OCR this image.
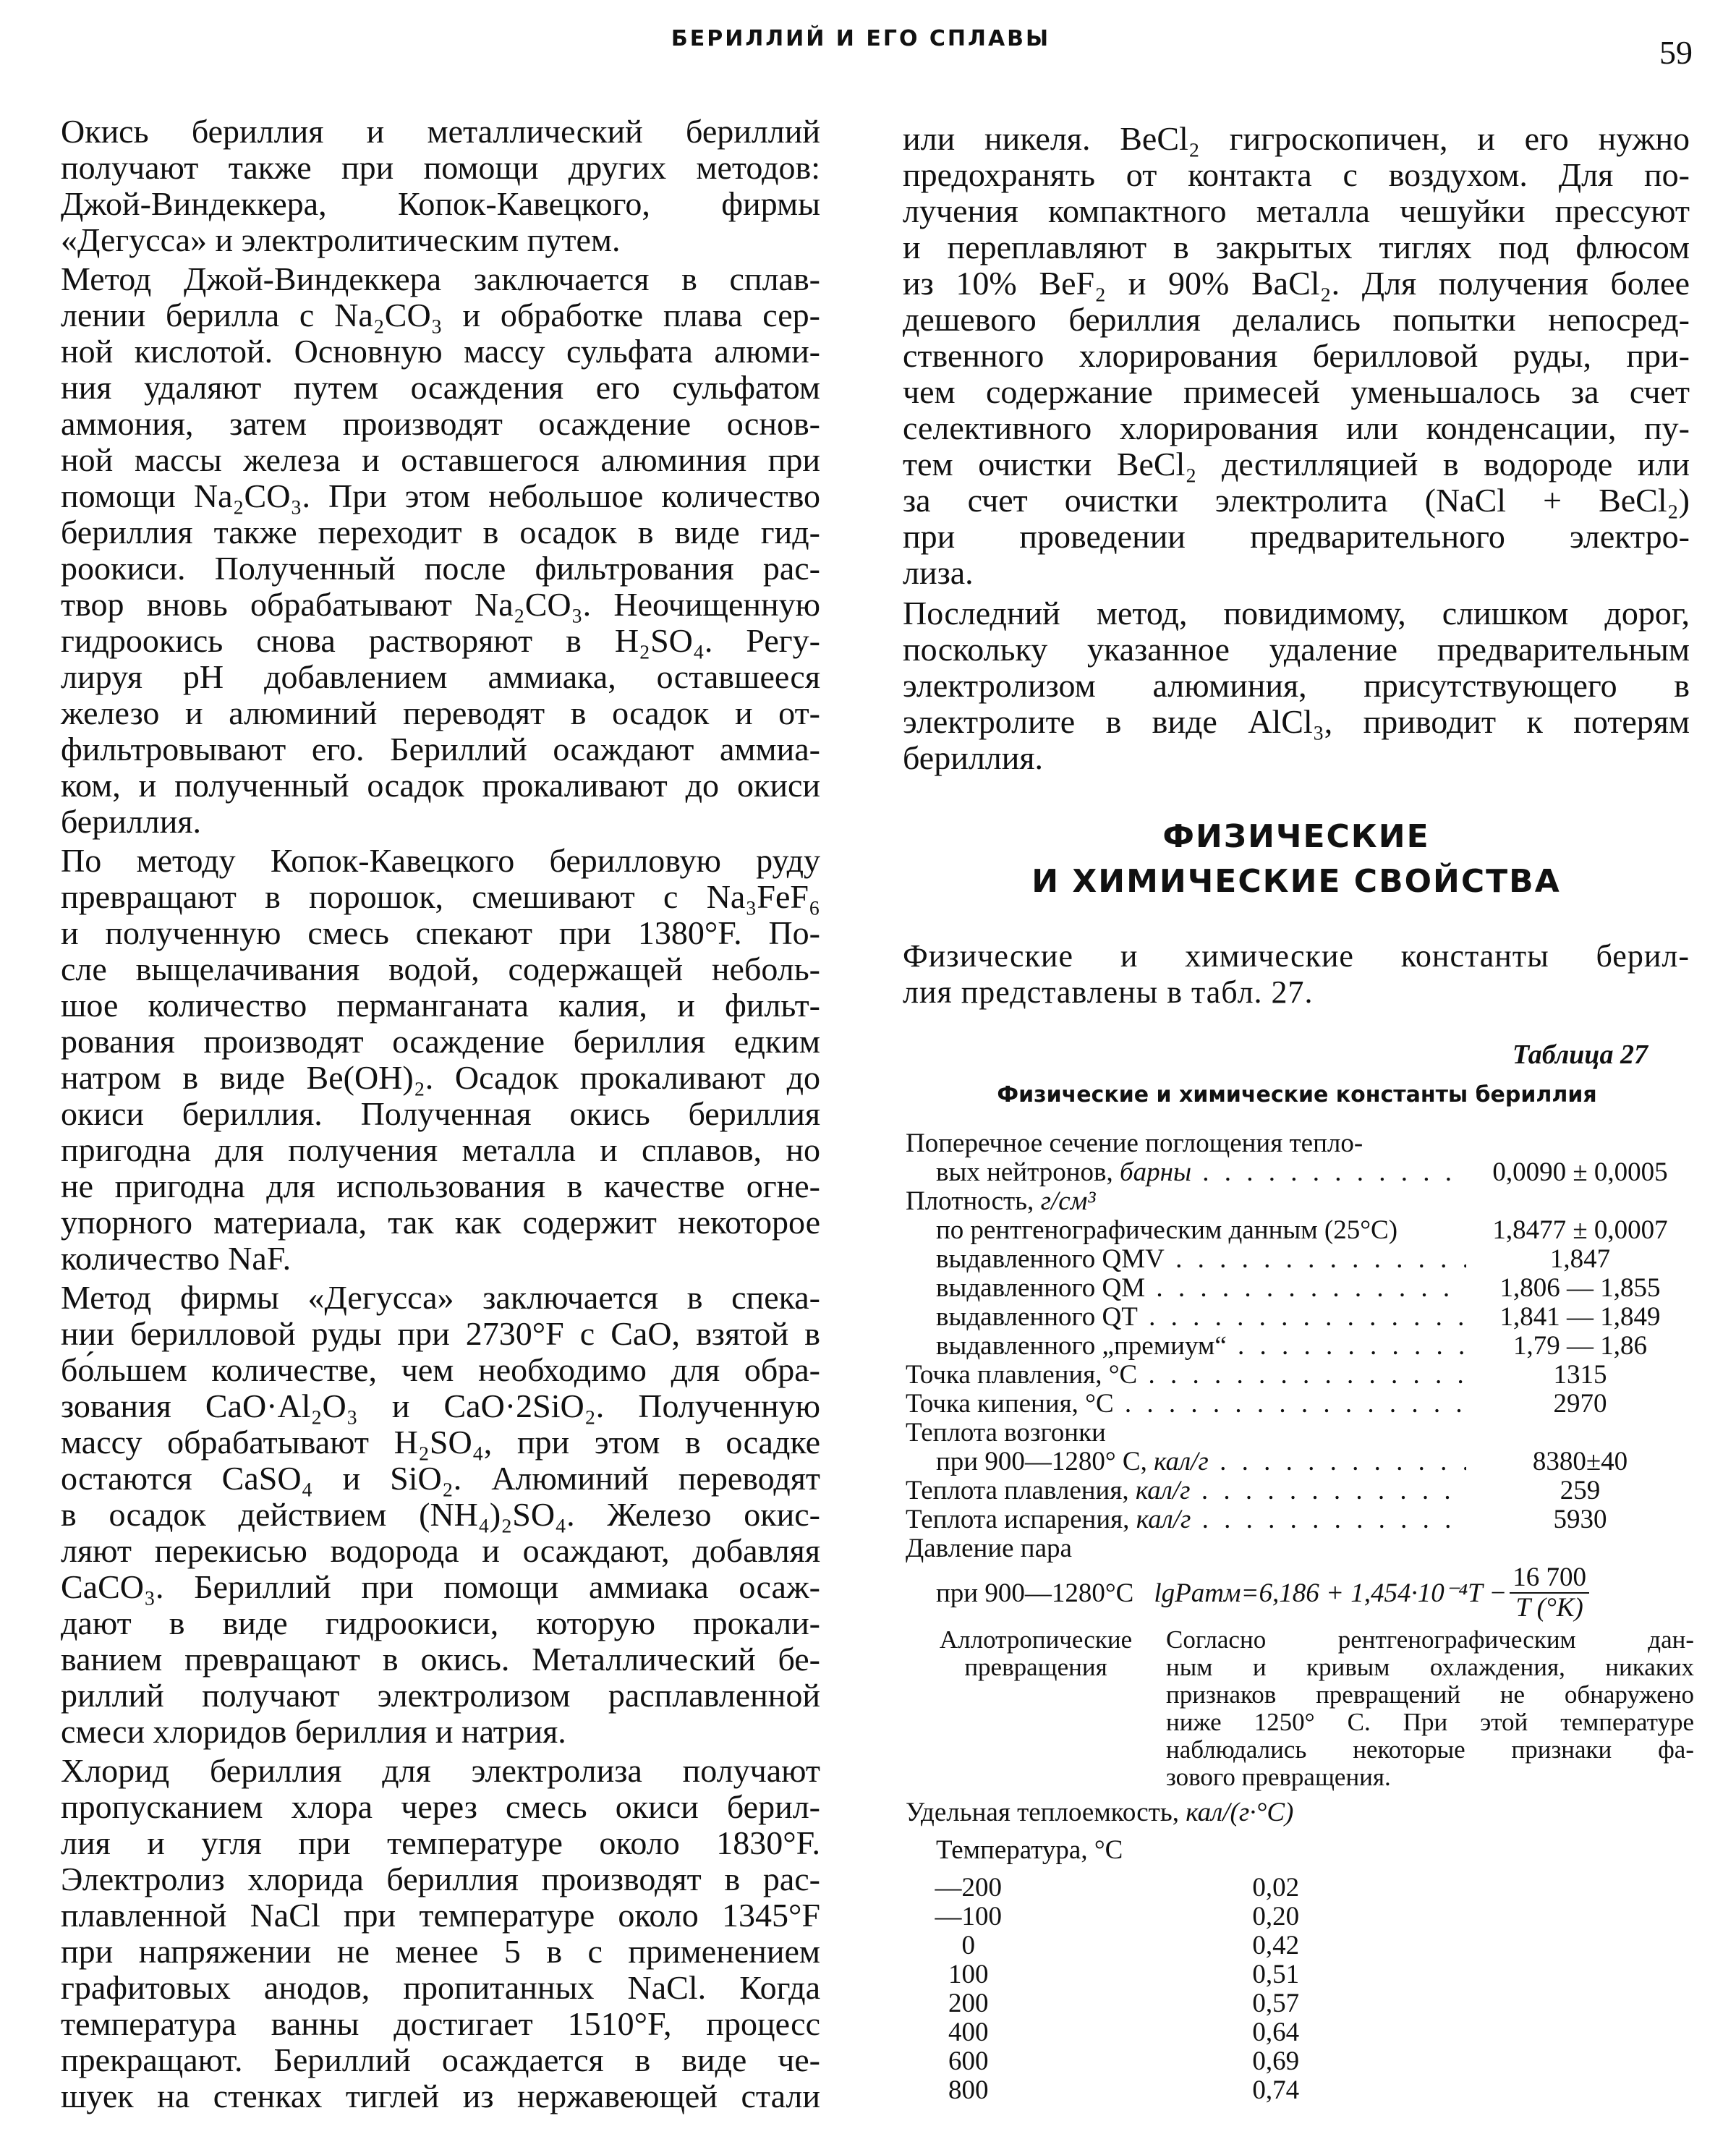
БЕРИЛЛИЙ И ЕГО СПЛАВЫ	59
Окись бериллия и металлический бериллий
получают также при помощи других методов:
Джой-Виндеккера, Копок-Кавецкого, фирмы
«Дегусса» и электролитическим путем.
Метод Джой-Виндеккера заключается в сплав-
лении берилла с Na₂CO₃ и обработке плава сер-
ной кислотой. Основную массу сульфата алюми-
ния удаляют путем осаждения его сульфатом
аммония, затем производят осаждение основ-
ной массы железа и оставшегося алюминия при
помощи Na₂CO₃. При этом небольшое количество
бериллия также переходит в осадок в виде гид-
роокиси. Полученный после фильтрования рас-
твор вновь обрабатывают Na₂CO₃. Неочищенную
гидроокись снова растворяют в H₂SO₄. Регу-
лируя pH добавлением аммиака, оставшееся
железо и алюминий переводят в осадок и от-
фильтровывают его. Бериллий осаждают аммиа-
ком, и полученный осадок прокаливают до окиси
бериллия.
По методу Копок-Кавецкого берилловую руду
превращают в порошок, смешивают с Na₃FeF₆
и полученную смесь спекают при 1380°F. По-
сле выщелачивания водой, содержащей неболь-
шое количество перманганата калия, и фильт-
рования производят осаждение бериллия едким
натром в виде Be(OH)₂. Осадок прокаливают до
окиси бериллия. Полученная окись бериллия
пригодна для получения металла и сплавов, но
не пригодна для использования в качестве огне-
упорного материала, так как содержит некоторое
количество NaF.
Метод фирмы «Дегусса» заключается в спека-
нии берилловой руды при 2730°F с CaO, взятой в
бо́льшем количестве, чем необходимо для обра-
зования CaO·Al₂O₃ и CaO·2SiO₂. Полученную
массу обрабатывают H₂SO₄, при этом в осадке
остаются CaSO₄ и SiO₂. Алюминий переводят
в осадок действием (NH₄)₂SO₄. Железо окис-
ляют перекисью водорода и осаждают, добавляя
CaCO₃. Бериллий при помощи аммиака осаж-
дают в виде гидроокиси, которую прокали-
ванием превращают в окись. Металлический бе-
риллий получают электролизом расплавленной
смеси хлоридов бериллия и натрия.
Хлорид бериллия для электролиза получают
пропусканием хлора через смесь окиси берил-
лия и угля при температуре около 1830°F.
Электролиз хлорида бериллия производят в рас-
плавленной NaCl при температуре около 1345°F
при напряжении не менее 5 в с применением
графитовых анодов, пропитанных NaCl. Когда
температура ванны достигает 1510°F, процесс
прекращают. Бериллий осаждается в виде че-
шуек на стенках тиглей из нержавеющей стали
или никеля. BeCl₂ гигроскопичен, и его нужно
предохранять от контакта с воздухом. Для по-
лучения компактного металла чешуйки прессуют
и переплавляют в закрытых тиглях под флюсом
из 10% BeF₂ и 90% BaCl₂. Для получения более
дешевого бериллия делались попытки непосред-
ственного хлорирования берилловой руды, при-
чем содержание примесей уменьшалось за счет
селективного хлорирования или конденсации, пу-
тем очистки BeCl₂ дестилляцией в водороде или
за счет очистки электролита (NaCl + BeCl₂)
при проведении предварительного электро-
лиза.
Последний метод, повидимому, слишком дорог,
поскольку указанное удаление предварительным
электролизом алюминия, присутствующего в
электролите в виде AlCl₃, приводит к потерям
бериллия.
ФИЗИЧЕСКИЕ
И ХИМИЧЕСКИЕ СВОЙСТВА
Физические и химические константы берил-
лия представлены в табл. 27.
Таблица 27
Физические и химические константы бериллия
Поперечное сечение поглощения тепло-
вых нейтронов, барны . . .	0,0090 ± 0,0005
Плотность, г/см³
по рентгенографическим данным (25°C)	1,8477 ± 0,0007
выдавленного QMV . . .	1,847
выдавленного QM . . .	1,806 — 1,855
выдавленного QT . . .	1,841 — 1,849
выдавленного „премиум“ . . .	1,79 — 1,86
Точка плавления, °C . . .	1315
Точка кипения, °C . . .	2970
Теплота возгонки
при 900—1280° C, кал/г . . .	8380±40
Теплота плавления, кал/г . . .	259
Теплота испарения, кал/г . . .	5930
Давление пара
при 900—1280°C lgPатм=6,186 + $1,454\cdot 10^{-4}T - \frac{16 700}{T (^\circ K)}$
Аллотропические
превращения
Согласно рентгенографическим дан-
ным и кривым охлаждения, никаких
признаков превращений не обнаружено
ниже 1250° C. При этой температуре
наблюдались некоторые признаки фа-
зового превращения.
Удельная теплоемкость, кал/(г·°C)
Температура, °C
—200	0,02
—100	0,20
0	0,42
100	0,51
200	0,57
400	0,64
600	0,69
800	0,74
